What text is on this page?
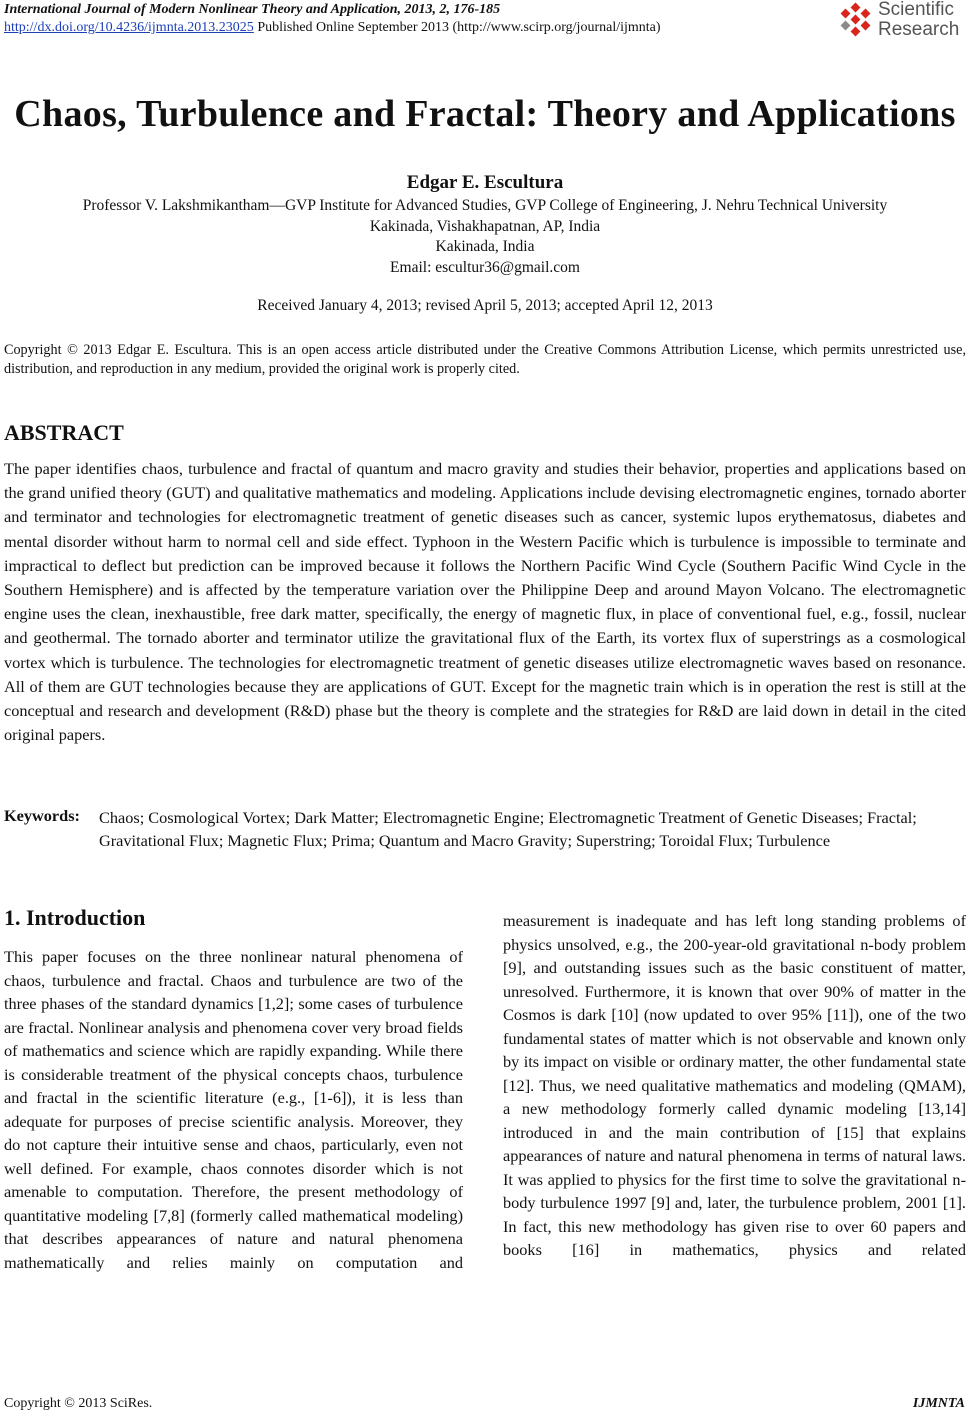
International Journal of Modern Nonlinear Theory and Application, 2013, 2, 176-185
http://dx.doi.org/10.4236/ijmnta.2013.23025 Published Online September 2013 (http://www.scirp.org/journal/ijmnta)
Scientific
Research
Chaos, Turbulence and Fractal: Theory and Applications
Edgar E. Escultura
Professor V. Lakshmikantham—GVP Institute for Advanced Studies, GVP College of Engineering, J. Nehru Technical University
Kakinada, Vishakhapatnan, AP, India
Kakinada, India
Email: escultur36@gmail.com
Received January 4, 2013; revised April 5, 2013; accepted April 12, 2013
Copyright © 2013 Edgar E. Escultura. This is an open access article distributed under the Creative Commons Attribution License, which permits unrestricted use, distribution, and reproduction in any medium, provided the original work is properly cited.
ABSTRACT
The paper identifies chaos, turbulence and fractal of quantum and macro gravity and studies their behavior, properties and applications based on the grand unified theory (GUT) and qualitative mathematics and modeling. Applications include devising electromagnetic engines, tornado aborter and terminator and technologies for electromagnetic treatment of genetic diseases such as cancer, systemic lupos erythematosus, diabetes and mental disorder without harm to normal cell and side effect. Typhoon in the Western Pacific which is turbulence is impossible to terminate and impractical to deflect but prediction can be improved because it follows the Northern Pacific Wind Cycle (Southern Pacific Wind Cycle in the Southern Hemisphere) and is affected by the temperature variation over the Philippine Deep and around Mayon Volcano. The electromagnetic engine uses the clean, inexhaustible, free dark matter, specifically, the energy of magnetic flux, in place of conventional fuel, e.g., fossil, nuclear and geothermal. The tornado aborter and terminator utilize the gravitational flux of the Earth, its vortex flux of superstrings as a cosmological vortex which is turbulence. The technologies for electromagnetic treatment of genetic diseases utilize electromagnetic waves based on resonance. All of them are GUT technologies because they are applications of GUT. Except for the magnetic train which is in operation the rest is still at the conceptual and research and development (R&D) phase but the theory is complete and the strategies for R&D are laid down in detail in the cited original papers.
Keywords: Chaos; Cosmological Vortex; Dark Matter; Electromagnetic Engine; Electromagnetic Treatment of Genetic Diseases; Fractal; Gravitational Flux; Magnetic Flux; Prima; Quantum and Macro Gravity; Superstring; Toroidal Flux; Turbulence
1. Introduction
This paper focuses on the three nonlinear natural phenomena of chaos, turbulence and fractal. Chaos and turbulence are two of the three phases of the standard dynamics [1,2]; some cases of turbulence are fractal. Nonlinear analysis and phenomena cover very broad fields of mathematics and science which are rapidly expanding. While there is considerable treatment of the physical concepts chaos, turbulence and fractal in the scientific literature (e.g., [1-6]), it is less than adequate for purposes of precise scientific analysis. Moreover, they do not capture their intuitive sense and chaos, particularly, even not well defined. For example, chaos connotes disorder which is not amenable to computation. Therefore, the present methodology of quantitative modeling [7,8] (formerly called mathematical modeling) that describes appearances of nature and natural phenomena mathematically and relies mainly on computation and
measurement is inadequate and has left long standing problems of physics unsolved, e.g., the 200-year-old gravitational n-body problem [9], and outstanding issues such as the basic constituent of matter, unresolved. Furthermore, it is known that over 90% of matter in the Cosmos is dark [10] (now updated to over 95% [11]), one of the two fundamental states of matter which is not observable and known only by its impact on visible or ordinary matter, the other fundamental state [12]. Thus, we need qualitative mathematics and modeling (QMAM), a new methodology formerly called dynamic modeling [13,14] introduced in and the main contribution of [15] that explains appearances of nature and natural phenomena in terms of natural laws. It was applied to physics for the first time to solve the gravitational n-body turbulence 1997 [9] and, later, the turbulence problem, 2001 [1]. In fact, this new methodology has given rise to over 60 papers and books [16] in mathematics, physics and related
Copyright © 2013 SciRes.	IJMNTA
